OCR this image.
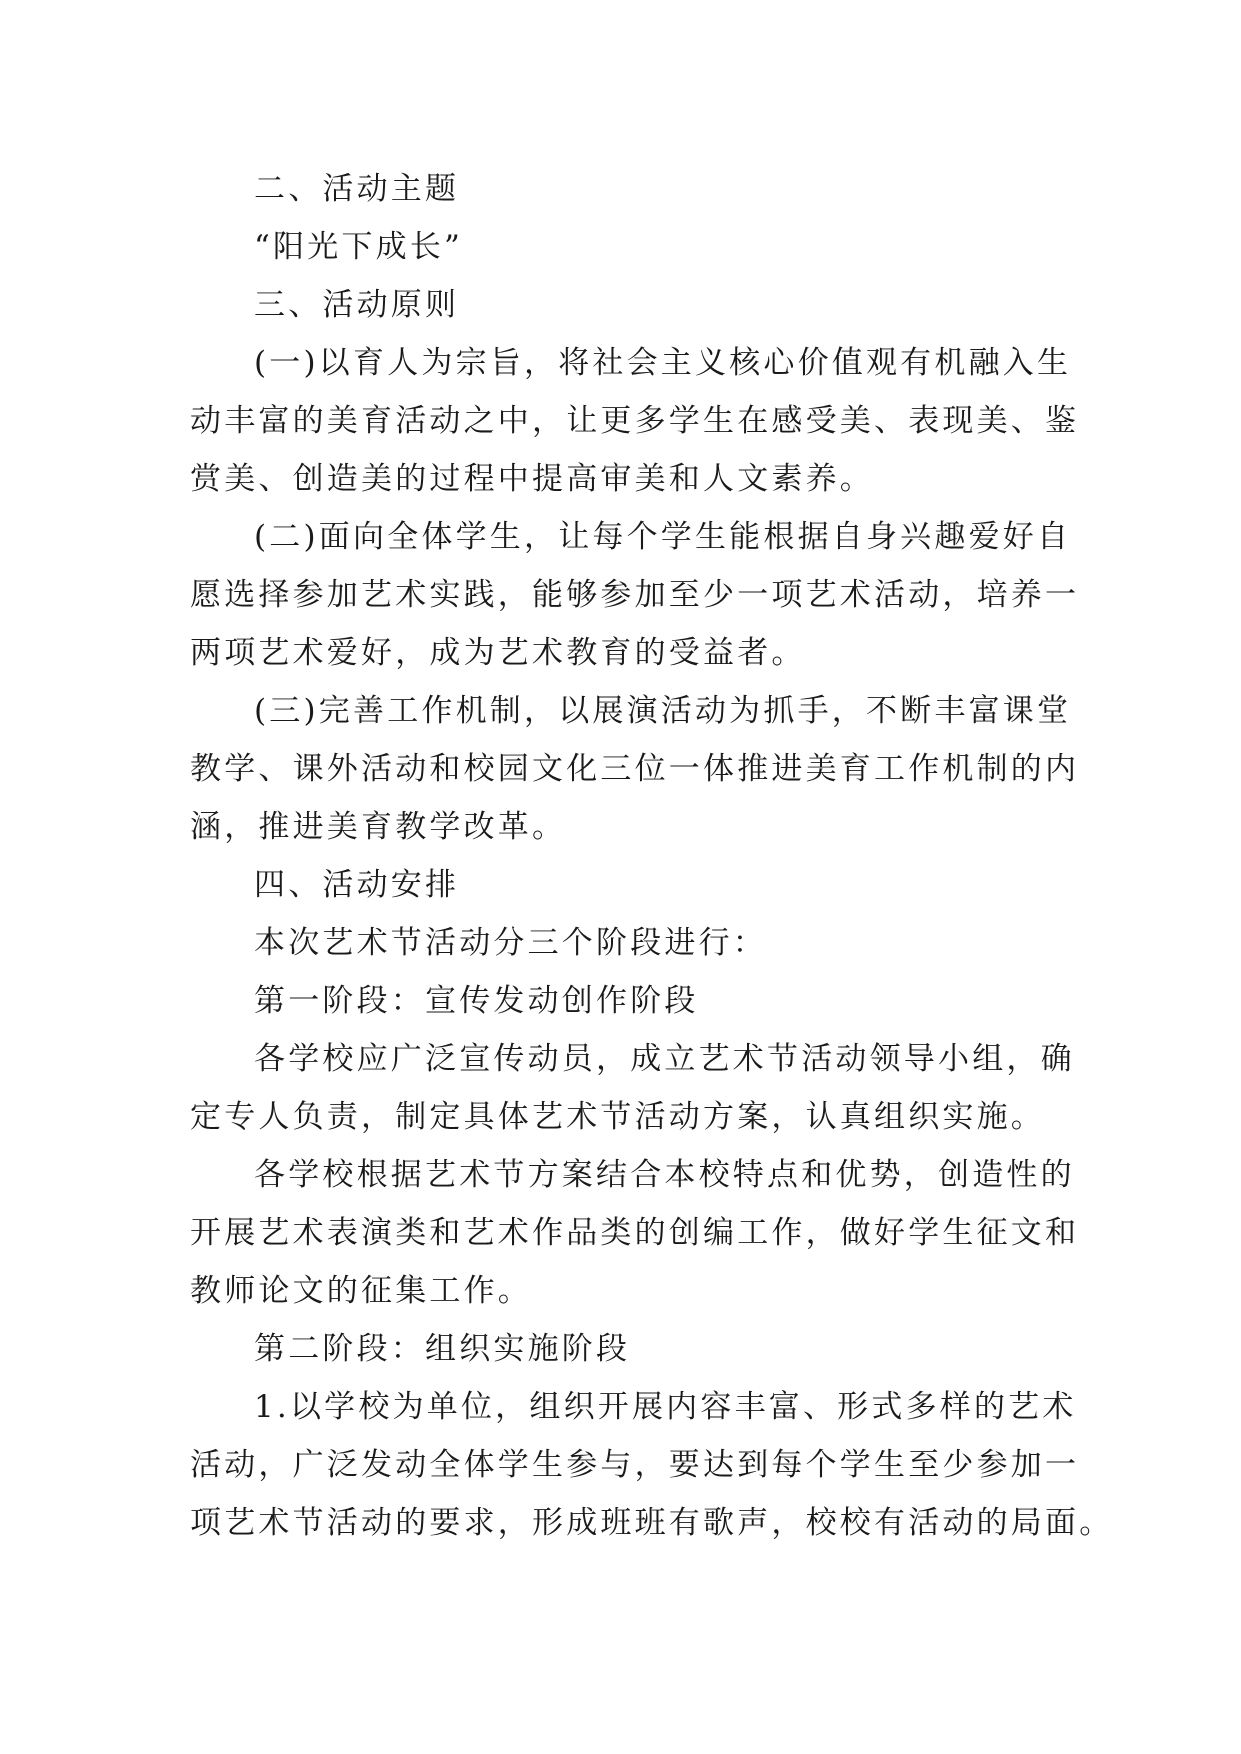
二、活动主题
“阳光下成长”
三、活动原则
(一)以育人为宗旨，将社会主义核心价值观有机融入生
动丰富的美育活动之中，让更多学生在感受美、表现美、鉴
赏美、创造美的过程中提高审美和人文素养。
(二)面向全体学生，让每个学生能根据自身兴趣爱好自
愿选择参加艺术实践，能够参加至少一项艺术活动，培养一
两项艺术爱好，成为艺术教育的受益者。
(三)完善工作机制，以展演活动为抓手，不断丰富课堂
教学、课外活动和校园文化三位一体推进美育工作机制的内
涵，推进美育教学改革。
四、活动安排
本次艺术节活动分三个阶段进行：
第一阶段：宣传发动创作阶段
各学校应广泛宣传动员，成立艺术节活动领导小组，确
定专人负责，制定具体艺术节活动方案，认真组织实施。
各学校根据艺术节方案结合本校特点和优势，创造性的
开展艺术表演类和艺术作品类的创编工作，做好学生征文和
教师论文的征集工作。
第二阶段：组织实施阶段
1.以学校为单位，组织开展内容丰富、形式多样的艺术
活动，广泛发动全体学生参与，要达到每个学生至少参加一
项艺术节活动的要求，形成班班有歌声，校校有活动的局面。
